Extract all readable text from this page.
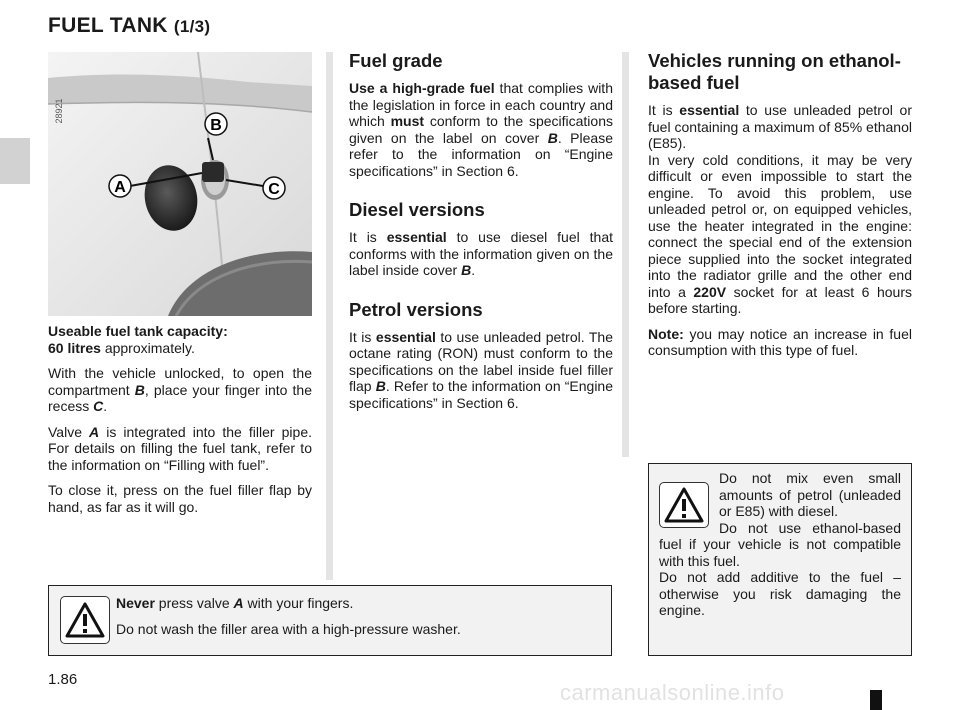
FUEL TANK (1/3)
B
A	C
28921

Useable fuel tank capacity:
60 litres approximately.

With the vehicle unlocked, to open the compartment B, place your finger into the recess C.

Valve A is integrated into the filler pipe. For details on filling the fuel tank, refer to the information on “Filling with fuel”.

To close it, press on the fuel filler flap by hand, as far as it will go.

Fuel grade

Use a high-grade fuel that complies with the legislation in force in each country and which must conform to the specifications given on the label on cover B. Please refer to the information on “Engine specifications” in Section 6.

Diesel versions

It is essential to use diesel fuel that conforms with the information given on the label inside cover B.

Petrol versions

It is essential to use unleaded petrol. The octane rating (RON) must conform to the specifications on the label inside fuel filler flap B. Refer to the information on “Engine specifications” in Section 6.

Vehicles running on ethanol-based fuel

It is essential to use unleaded petrol or fuel containing a maximum of 85% ethanol (E85).
In very cold conditions, it may be very difficult or even impossible to start the engine. To avoid this problem, use unleaded petrol or, on equipped vehicles, use the heater integrated in the engine: connect the special end of the extension piece supplied into the socket integrated into the radiator grille and the other end into a 220V socket for at least 6 hours before starting.

Note: you may notice an increase in fuel consumption with this type of fuel.

Do not mix even small amounts of petrol (unleaded or E85) with diesel.
Do not use ethanol-based fuel if your vehicle is not compatible with this fuel.
Do not add additive to the fuel – otherwise you risk damaging the engine.

Never press valve A with your fingers.

Do not wash the filler area with a high-pressure washer.

1.86
carmanualsonline.info
